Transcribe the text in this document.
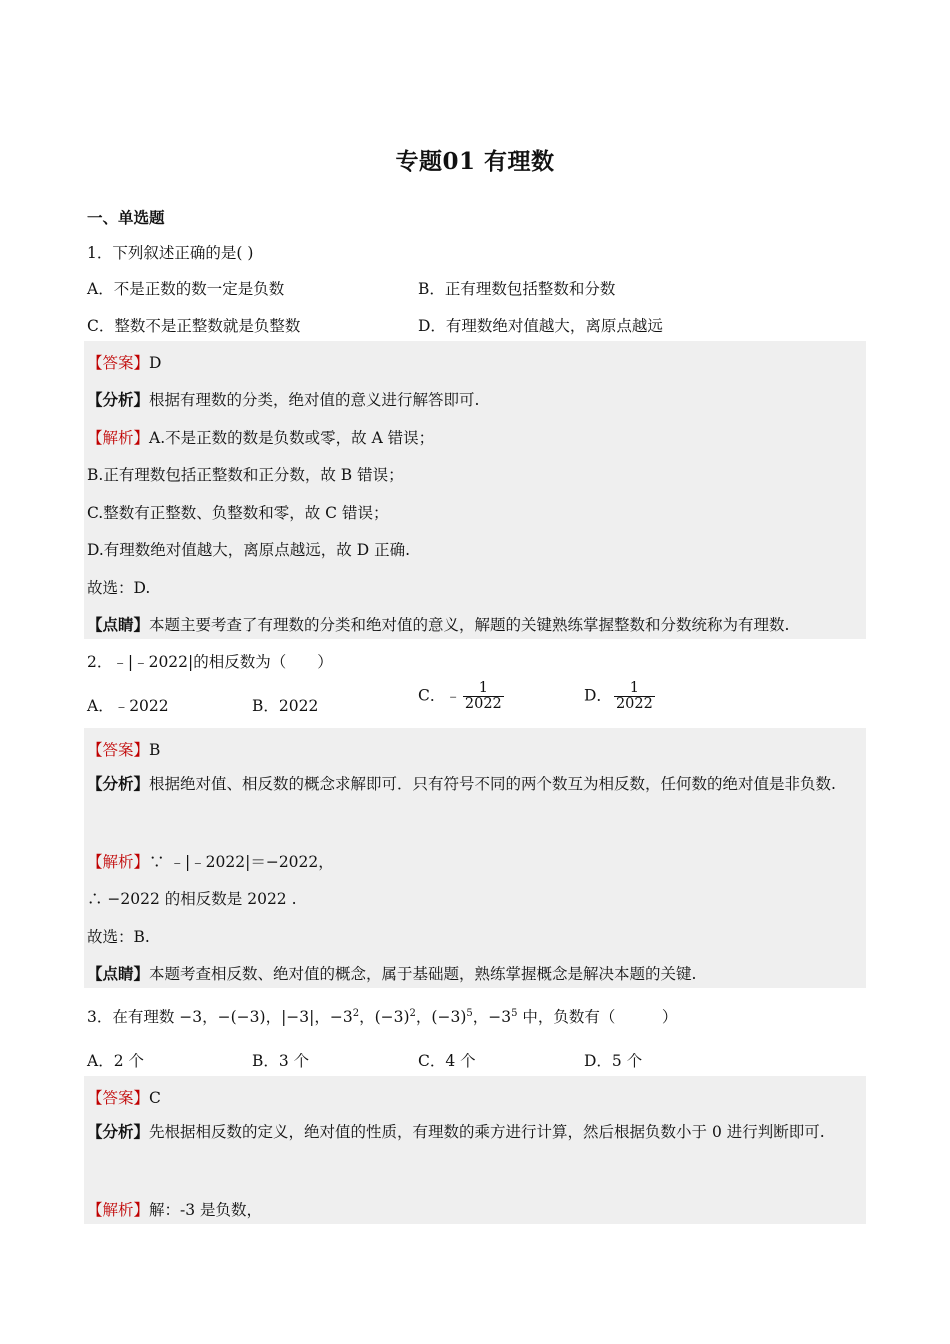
专题01 有理数
一、单选题
1．下列叙述正确的是( )
A．不是正数的数一定是负数	B．正有理数包括整数和分数
C．整数不是正整数就是负整数	D．有理数绝对值越大，离原点越远
【答案】D
【分析】根据有理数的分类，绝对值的意义进行解答即可.
【解析】A.不是正数的数是负数或零，故 A 错误；
B.正有理数包括正整数和正分数，故 B 错误；
C.整数有正整数、负整数和零，故 C 错误；
D.有理数绝对值越大，离原点越远，故 D 正确.
故选：D.
【点睛】本题主要考查了有理数的分类和绝对值的意义，解题的关键熟练掌握整数和分数统称为有理数.
2．﹣|﹣2022|的相反数为（　　）
A．﹣2022	B．2022
C．﹣ $\frac{1}{2022}$	D． $\frac{1}{2022}$
【答案】B
【分析】根据绝对值、相反数的概念求解即可．只有符号不同的两个数互为相反数，任何数的绝对值是非负数.
【解析】∵ ﹣|﹣2022|＝−2022，
∴ −2022 的相反数是 2022 .
故选：B.
【点睛】本题考查相反数、绝对值的概念，属于基础题，熟练掌握概念是解决本题的关键.
3．在有理数 −3，−(−3)，|−3|，$-3^2$，$(-3)^2$，$(-3)^5$，$-3^5$ 中，负数有（　　　）
A．2 个	B．3 个	C．4 个	D．5 个
【答案】C
【分析】先根据相反数的定义，绝对值的性质，有理数的乘方进行计算，然后根据负数小于 0 进行判断即可.
【解析】解：-3 是负数，
